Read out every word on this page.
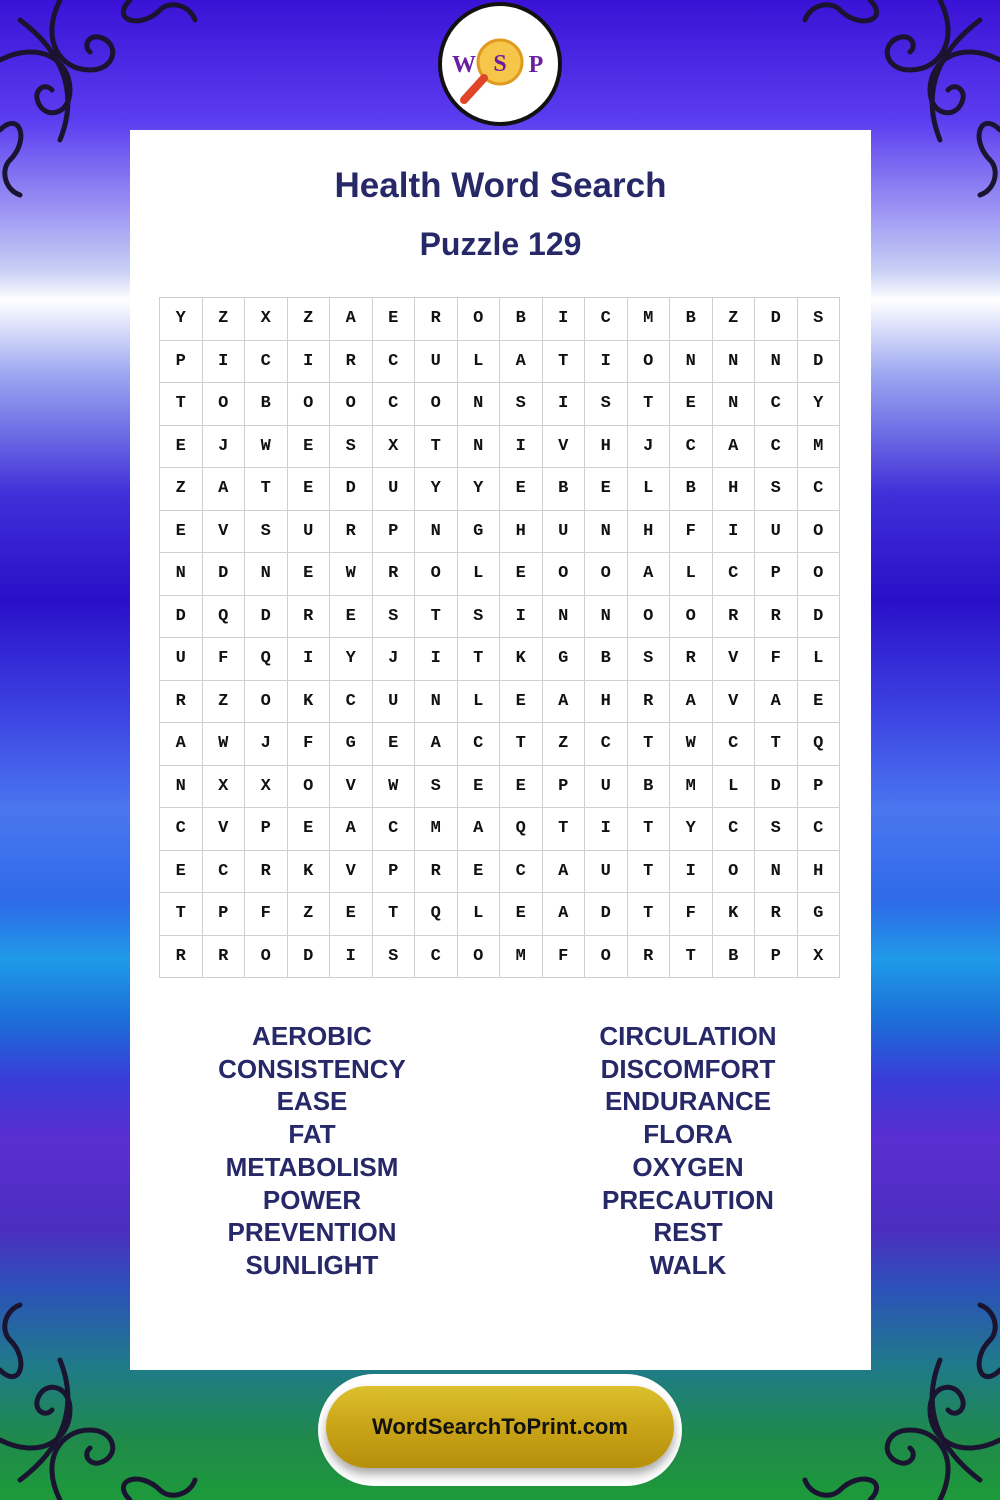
W S P
Health Word Search
Puzzle 129
Y	Z	X	Z	A	E	R	O	B	I	C	M	B	Z	D	S
P	I	C	I	R	C	U	L	A	T	I	O	N	N	N	D
T	O	B	O	O	C	O	N	S	I	S	T	E	N	C	Y
E	J	W	E	S	X	T	N	I	V	H	J	C	A	C	M
Z	A	T	E	D	U	Y	Y	E	B	E	L	B	H	S	C
E	V	S	U	R	P	N	G	H	U	N	H	F	I	U	O
N	D	N	E	W	R	O	L	E	O	O	A	L	C	P	O
D	Q	D	R	E	S	T	S	I	N	N	O	O	R	R	D
U	F	Q	I	Y	J	I	T	K	G	B	S	R	V	F	L
R	Z	O	K	C	U	N	L	E	A	H	R	A	V	A	E
A	W	J	F	G	E	A	C	T	Z	C	T	W	C	T	Q
N	X	X	O	V	W	S	E	E	P	U	B	M	L	D	P
C	V	P	E	A	C	M	A	Q	T	I	T	Y	C	S	C
E	C	R	K	V	P	R	E	C	A	U	T	I	O	N	H
T	P	F	Z	E	T	Q	L	E	A	D	T	F	K	R	G
R	R	O	D	I	S	C	O	M	F	O	R	T	B	P	X
AEROBIC
CONSISTENCY
EASE
FAT
METABOLISM
POWER
PREVENTION
SUNLIGHT
CIRCULATION
DISCOMFORT
ENDURANCE
FLORA
OXYGEN
PRECAUTION
REST
WALK
WordSearchToPrint.com
